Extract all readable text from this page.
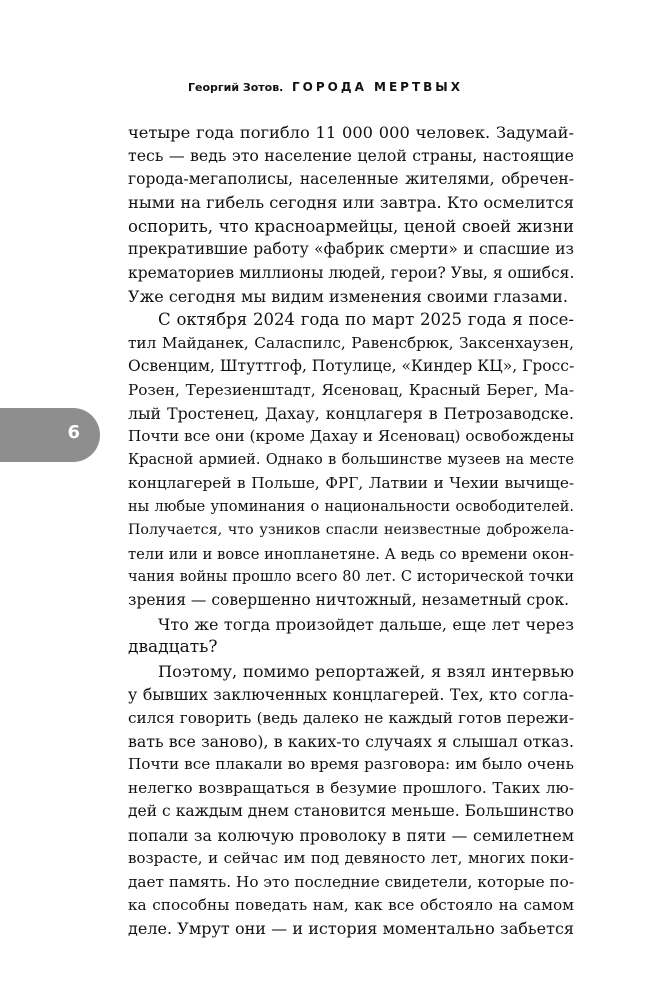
Георгий Зотов. ГОРОДА МЕРТВЫХ
6
четыре года погибло 11 000 000 человек. Задумай-
тесь — ведь это население целой страны, настоящие
города-мегаполисы, населенные жителями, обречен-
ными на гибель сегодня или завтра. Кто осмелится
оспорить, что красноармейцы, ценой своей жизни
прекратившие работу «фабрик смерти» и спасшие из
крематориев миллионы людей, герои? Увы, я ошибся.
Уже сегодня мы видим изменения своими глазами.
С октября 2024 года по март 2025 года я посе-
тил Майданек, Саласпилс, Равенсбрюк, Заксенхаузен,
Освенцим, Штуттгоф, Потулице, «Киндер КЦ», Гросс-
Розен, Терезиенштадт, Ясеновац, Красный Берег, Ма-
лый Тростенец, Дахау, концлагеря в Петрозаводске.
Почти все они (кроме Дахау и Ясеновац) освобождены
Красной армией. Однако в большинстве музеев на месте
концлагерей в Польше, ФРГ, Латвии и Чехии вычище-
ны любые упоминания о национальности освободителей.
Получается, что узников спасли неизвестные доброжела-
тели или и вовсе инопланетяне. А ведь со времени окон-
чания войны прошло всего 80 лет. С исторической точки
зрения — совершенно ничтожный, незаметный срок.
Что же тогда произойдет дальше, еще лет через
двадцать?
Поэтому, помимо репортажей, я взял интервью
у бывших заключенных концлагерей. Тех, кто согла-
сился говорить (ведь далеко не каждый готов пережи-
вать все заново), в каких-то случаях я слышал отказ.
Почти все плакали во время разговора: им было очень
нелегко возвращаться в безумие прошлого. Таких лю-
дей с каждым днем становится меньше. Большинство
попали за колючую проволоку в пяти — семилетнем
возрасте, и сейчас им под девяносто лет, многих поки-
дает память. Но это последние свидетели, которые по-
ка способны поведать нам, как все обстояло на самом
деле. Умрут они — и история моментально забьется
